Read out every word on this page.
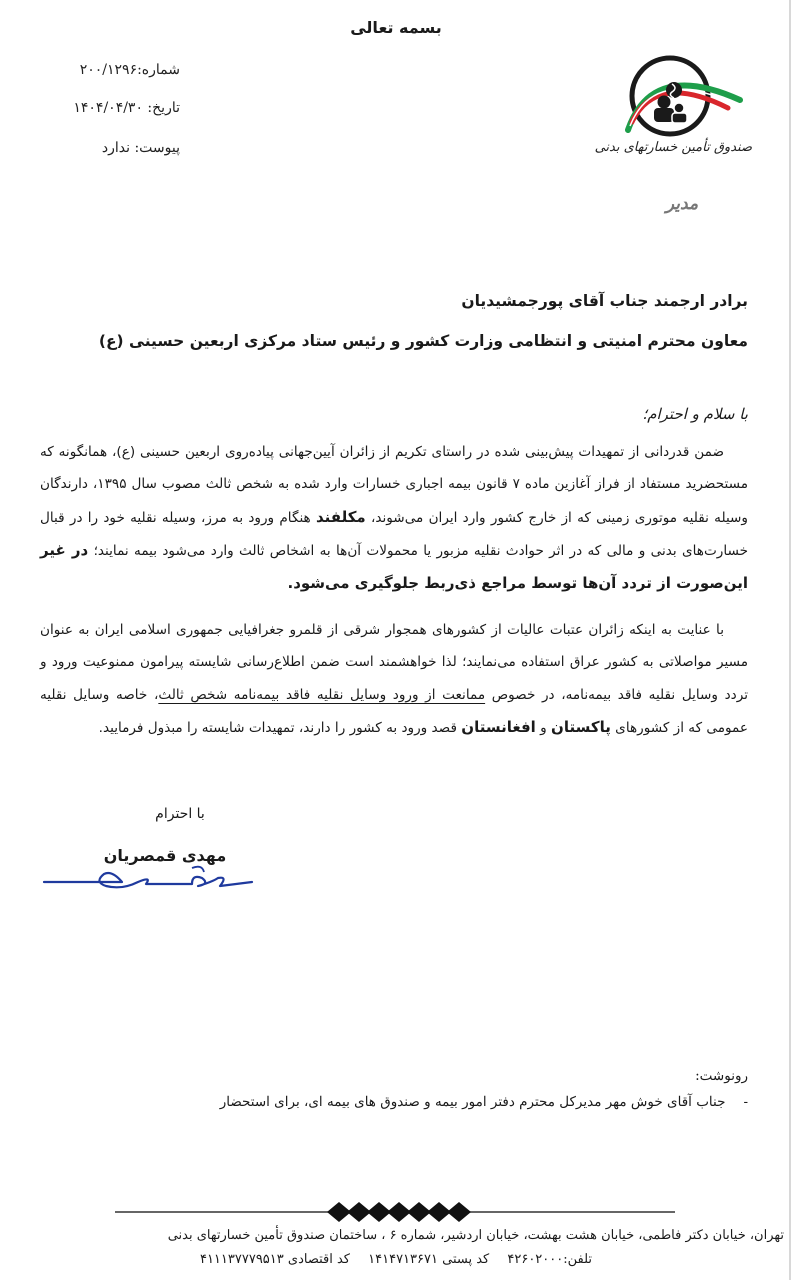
بسمه تعالی
شماره:۲۰۰/۱۲۹۶
تاریخ: ۱۴۰۴/۰۴/۳۰
پیوست: ندارد	صندوق تأمین خسارتهای بدنی
مدیر
برادر ارجمند جناب آقای پورجمشیدیان
معاون محترم امنیتی و انتظامی وزارت کشور و رئیس ستاد مرکزی اربعین حسینی (ع)
با سلام و احترام؛
ضمن قدردانی از تمهیدات پیش‌بینی شده در راستای تکریم از زائران آیین‌جهانی پیاده‌روی اربعین حسینی (ع)، همانگونه که مستحضرید مستفاد از فراز آغازین ماده ۷ قانون بیمه اجباری خسارات وارد شده به شخص ثالث مصوب سال ۱۳۹۵، دارندگان وسیله نقلیه موتوری زمینی که از خارج کشور وارد ایران می‌شوند، مکلفند هنگام ورود به مرز، وسیله نقلیه خود را در قبال خسارت‌های بدنی و مالی که در اثر حوادث نقلیه مزبور یا محمولات آن‌ها به اشخاص ثالث وارد می‌شود بیمه نمایند؛ در غیر این‌صورت از تردد آن‌ها توسط مراجع ذی‌ربط جلوگیری می‌شود.
با عنایت به اینکه زائران عتبات عالیات از کشورهای همجوار شرقی از قلمرو جغرافیایی جمهوری اسلامی ایران به عنوان مسیر مواصلاتی به کشور عراق استفاده می‌نمایند؛ لذا خواهشمند است ضمن اطلاع‌رسانی شایسته پیرامون ممنوعیت ورود و تردد وسایل نقلیه فاقد بیمه‌نامه، در خصوص ممانعت از ورود وسایل نقلیه فاقد بیمه‌نامه شخص ثالث، خاصه وسایل نقلیه عمومی که از کشورهای پاکستان و افغانستان قصد ورود به کشور را دارند، تمهیدات شایسته را مبذول فرمایید.
با احترام
مهدی قمصریان
رونوشت:
-جناب آقای خوش مهر مدیرکل محترم دفتر امور بیمه و صندوق های بیمه ای، برای استحضار
تهران، خیابان دکتر فاطمی، خیابان هشت بهشت، خیابان اردشیر، شماره ۶ ، ساختمان صندوق تأمین خسارتهای بدنی
تلفن:۴۲۶۰۲۰۰۰ کد پستی ۱۴۱۴۷۱۳۶۷۱ کد اقتصادی ۴۱۱۱۳۷۷۷۹۵۱۳
